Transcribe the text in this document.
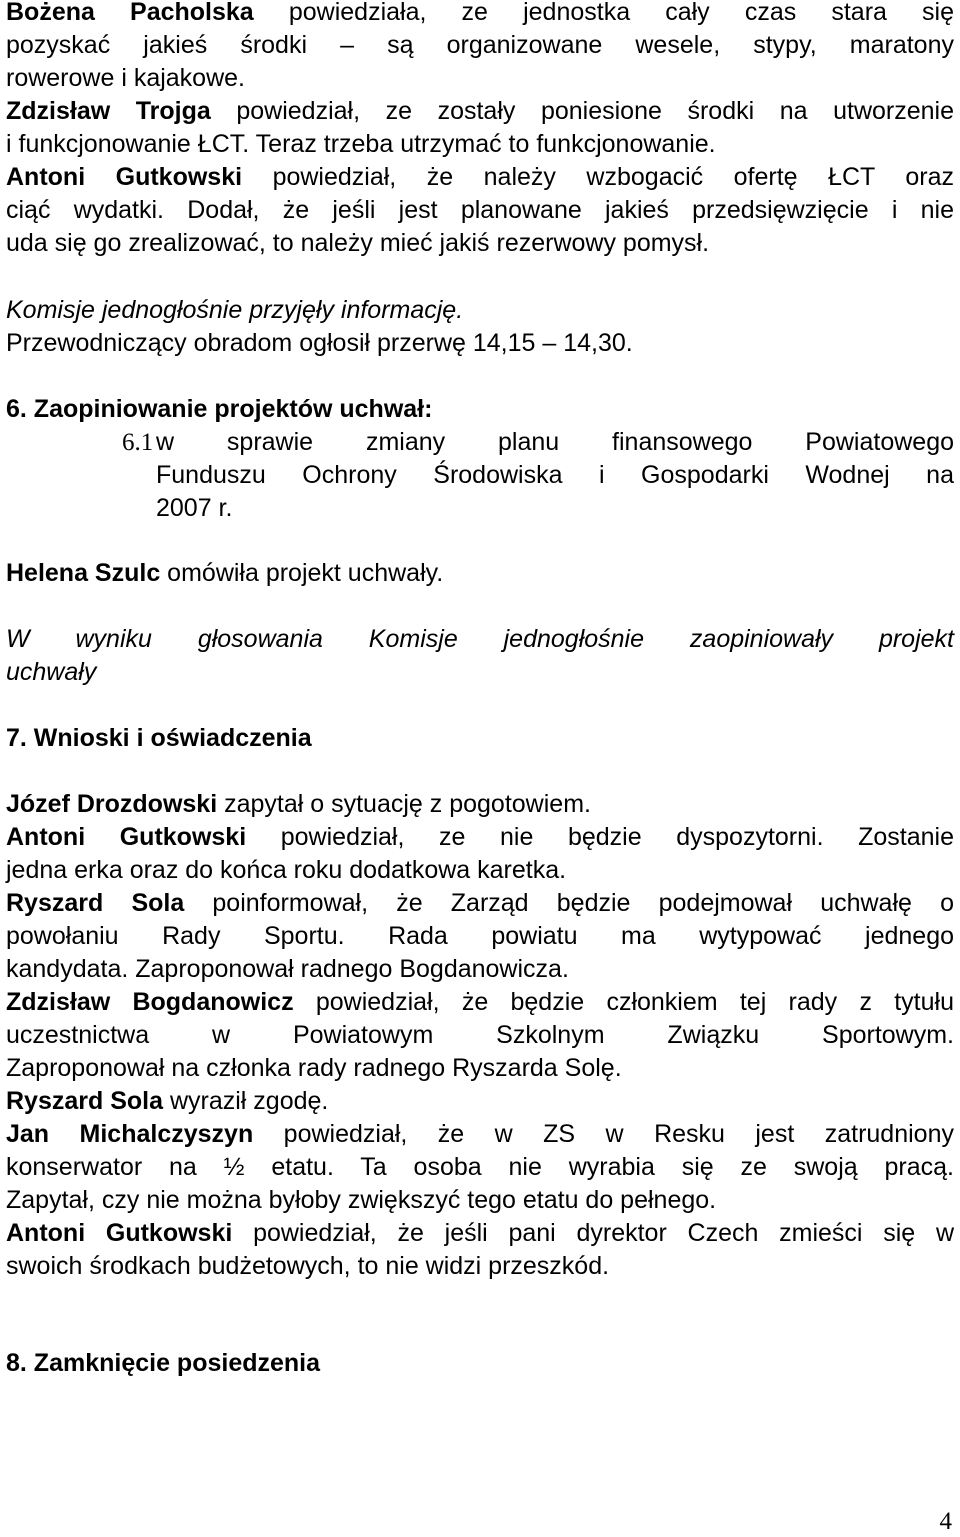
Bożena Pacholska powiedziała, ze jednostka cały czas stara się
pozyskać jakieś środki – są organizowane wesele, stypy, maratony
rowerowe i kajakowe.
Zdzisław Trojga powiedział, ze zostały poniesione środki na utworzenie
i funkcjonowanie ŁCT. Teraz trzeba utrzymać to funkcjonowanie.
Antoni Gutkowski powiedział, że należy wzbogacić ofertę ŁCT oraz
ciąć wydatki. Dodał, że jeśli jest planowane jakieś przedsięwzięcie i nie
uda się go zrealizować, to należy mieć jakiś rezerwowy pomysł.
Komisje jednogłośnie przyjęły informację.
Przewodniczący obradom ogłosił przerwę 14,15 – 14,30.
6. Zaopiniowanie projektów uchwał:
6.1 w sprawie zmiany planu finansowego Powiatowego
Funduszu Ochrony Środowiska i Gospodarki Wodnej na
2007 r.
Helena Szulc omówiła projekt uchwały.
W wyniku głosowania Komisje jednogłośnie zaopiniowały projekt
uchwały
7. Wnioski i oświadczenia
Józef Drozdowski zapytał o sytuację z pogotowiem.
Antoni Gutkowski powiedział, ze nie będzie dyspozytorni. Zostanie
jedna erka oraz do końca roku dodatkowa karetka.
Ryszard Sola poinformował, że Zarząd będzie podejmował uchwałę o
powołaniu Rady Sportu. Rada powiatu ma wytypować jednego
kandydata. Zaproponował radnego Bogdanowicza.
Zdzisław Bogdanowicz powiedział, że będzie członkiem tej rady z tytułu
uczestnictwa w Powiatowym Szkolnym Związku Sportowym.
Zaproponował na członka rady radnego Ryszarda Solę.
Ryszard Sola wyraził zgodę.
Jan Michalczyszyn powiedział, że w ZS w Resku jest zatrudniony
konserwator na ½ etatu. Ta osoba nie wyrabia się ze swoją pracą.
Zapytał, czy nie można byłoby zwiększyć tego etatu do pełnego.
Antoni Gutkowski powiedział, że jeśli pani dyrektor Czech zmieści się w
swoich środkach budżetowych, to nie widzi przeszkód.
8. Zamknięcie posiedzenia
4
